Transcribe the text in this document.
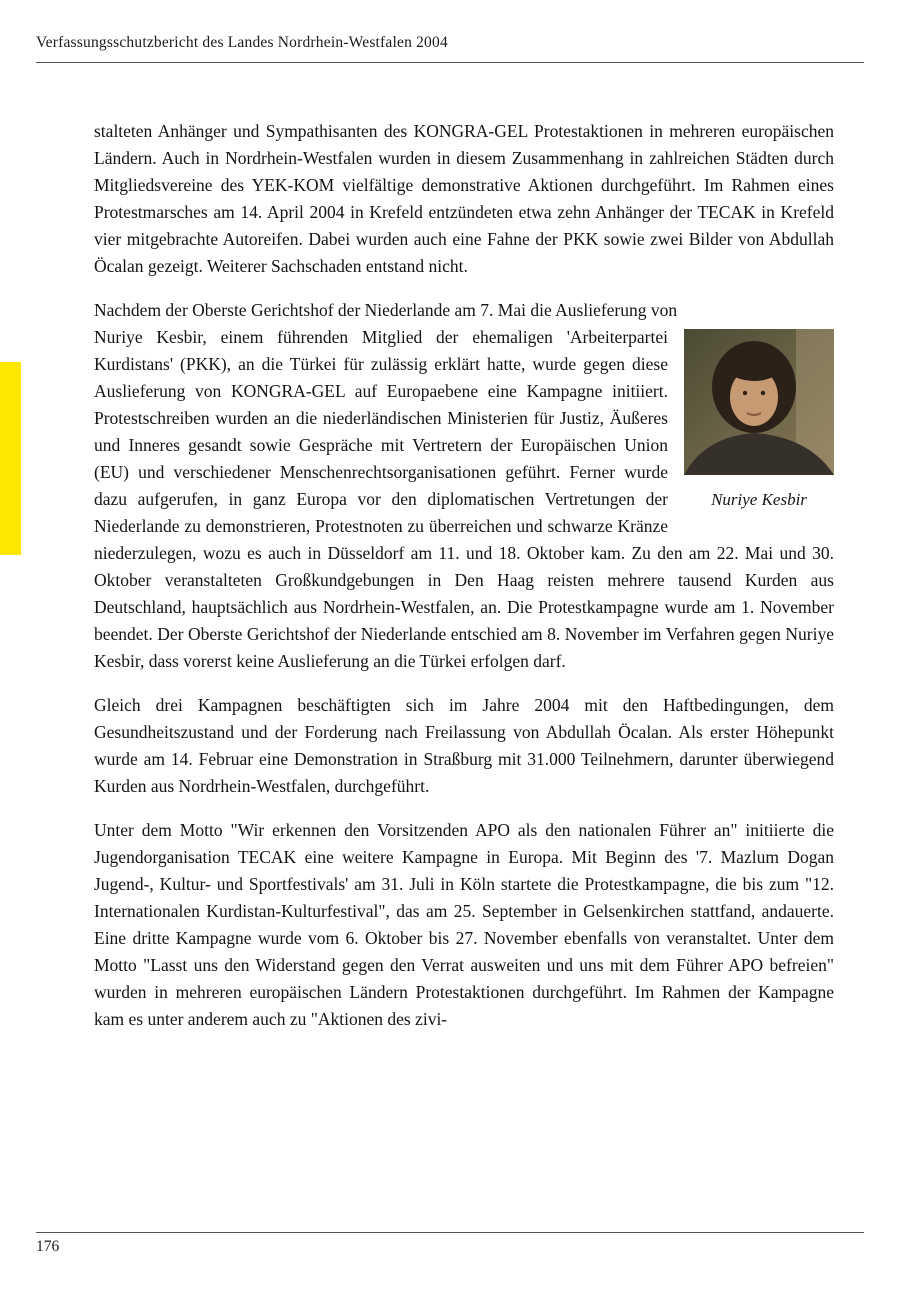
Verfassungsschutzbericht des Landes Nordrhein-Westfalen 2004

stalteten Anhänger und Sympathisanten des KONGRA-GEL Protestaktionen in mehreren europäischen Ländern. Auch in Nordrhein-Westfalen wurden in diesem Zusammenhang in zahlreichen Städten durch Mitgliedsvereine des YEK-KOM vielfältige demonstrative Aktionen durchgeführt. Im Rahmen eines Protestmarsches am 14. April 2004 in Krefeld entzündeten etwa zehn Anhänger der TECAK in Krefeld vier mitgebrachte Autoreifen. Dabei wurden auch eine Fahne der PKK sowie zwei Bilder von Abdullah Öcalan gezeigt. Weiterer Sachschaden entstand nicht.

Nachdem der Oberste Gerichtshof der Niederlande am 7. Mai die Auslieferung von

Nuriye Kesbir
Nuriye Kesbir, einem führenden Mitglied der ehemaligen 'Arbeiterpartei Kurdistans' (PKK), an die Türkei für zulässig erklärt hatte, wurde gegen diese Auslieferung von KONGRA-GEL auf Europaebene eine Kampagne initiiert. Protestschreiben wurden an die niederländischen Ministerien für Justiz, Äußeres und Inneres gesandt sowie Gespräche mit Vertretern der Europäischen Union (EU) und verschiedener Menschenrechtsorganisationen geführt. Ferner wurde dazu aufgerufen, in ganz Europa vor den diplomatischen Vertretungen der Niederlande zu demonstrieren, Protestnoten zu überreichen und schwarze Kränze niederzulegen, wozu es auch in Düsseldorf am 11. und 18. Oktober kam. Zu den am 22. Mai und 30. Oktober veranstalteten Großkundgebungen in Den Haag reisten mehrere tausend Kurden aus Deutschland, hauptsächlich aus Nordrhein-Westfalen, an. Die Protestkampagne wurde am 1. November beendet. Der Oberste Gerichtshof der Niederlande entschied am 8. November im Verfahren gegen Nuriye Kesbir, dass vorerst keine Auslieferung an die Türkei erfolgen darf.

Gleich drei Kampagnen beschäftigten sich im Jahre 2004 mit den Haftbedingungen, dem Gesundheitszustand und der Forderung nach Freilassung von Abdullah Öcalan. Als erster Höhepunkt wurde am 14. Februar eine Demonstration in Straßburg mit 31.000 Teilnehmern, darunter überwiegend Kurden aus Nordrhein-Westfalen, durchgeführt.

Unter dem Motto "Wir erkennen den Vorsitzenden APO als den nationalen Führer an" initiierte die Jugendorganisation TECAK eine weitere Kampagne in Europa. Mit Beginn des '7. Mazlum Dogan Jugend-, Kultur- und Sportfestivals' am 31. Juli in Köln startete die Protestkampagne, die bis zum "12. Internationalen Kurdistan-Kulturfestival", das am 25. September in Gelsenkirchen stattfand, andauerte. Eine dritte Kampagne wurde vom 6. Oktober bis 27. November ebenfalls von veranstaltet. Unter dem Motto "Lasst uns den Widerstand gegen den Verrat ausweiten und uns mit dem Führer APO befreien" wurden in mehreren europäischen Ländern Protestaktionen durchgeführt. Im Rahmen der Kampagne kam es unter anderem auch zu "Aktionen des zivi-

176
